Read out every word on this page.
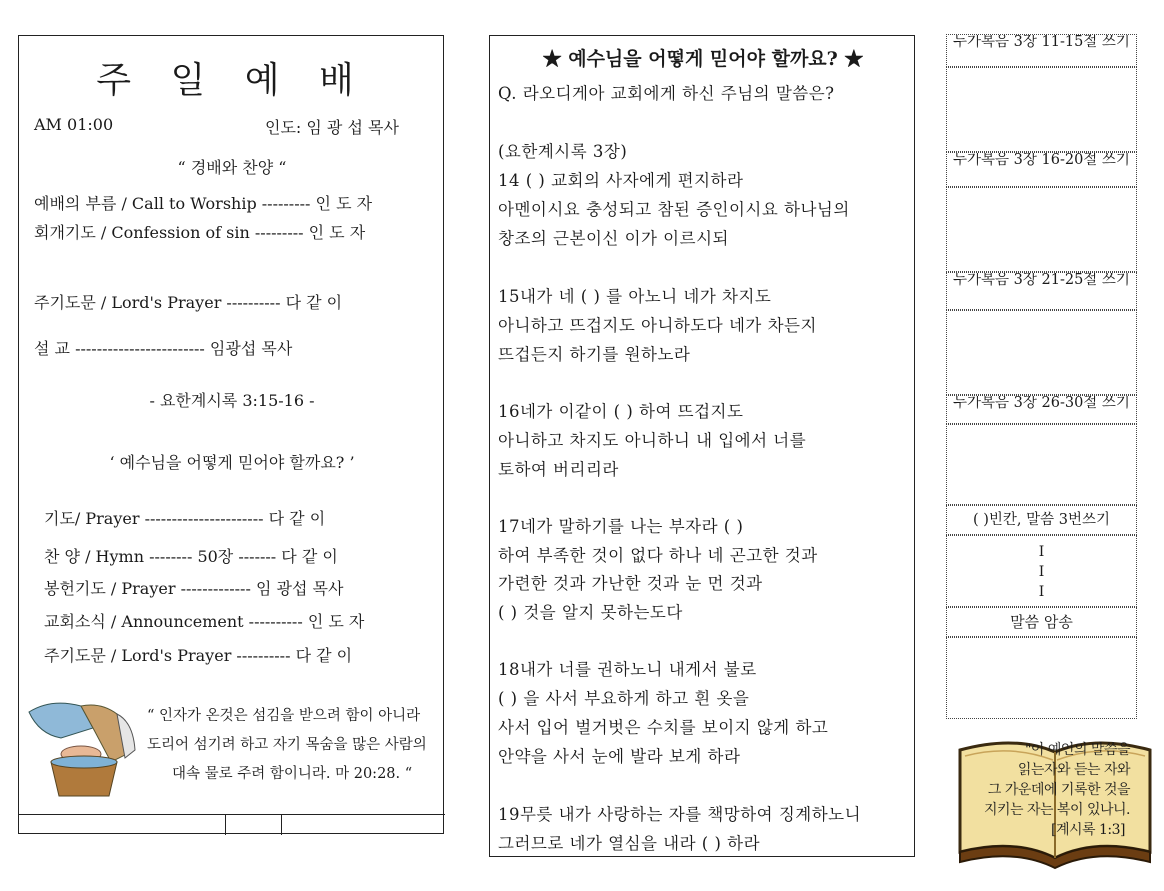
주 일 예 배
AM 01:00	인도: 임 광 섭 목사
“ 경배와 찬양 “
예배의 부름 / Call to Worship --------- 인 도 자
회개기도 / Confession of sin --------- 인 도 자
주기도문 / Lord's Prayer ---------- 다 같 이
설 교 ------------------------ 임광섭 목사
- 요한계시록 3:15-16 -
‘ 예수님을 어떻게 믿어야 할까요? ’
기도/ Prayer ---------------------- 다 같 이
찬 양 / Hymn -------- 50장 ------- 다 같 이
봉헌기도 / Prayer ------------- 임 광섭 목사
교회소식 / Announcement ---------- 인 도 자
주기도문 / Lord's Prayer ---------- 다 같 이
“ 인자가 온것은 섬김을 받으려 함이 아니라
도리어 섬기려 하고 자기 목숨을 많은 사람의
대속 물로 주려 함이니라. 마 20:28. “
★ 예수님을 어떻게 믿어야 할까요? ★
Q. 라오디게아 교회에게 하신 주님의 말씀은?
(요한계시록 3장)
14 ( ) 교회의 사자에게 편지하라
아멘이시요 충성되고 참된 증인이시요 하나님의
창조의 근본이신 이가 이르시되
15내가 네 ( ) 를 아노니 네가 차지도
아니하고 뜨겁지도 아니하도다 네가 차든지
뜨겁든지 하기를 원하노라
16네가 이같이 ( ) 하여 뜨겁지도
아니하고 차지도 아니하니 내 입에서 너를
토하여 버리리라
17네가 말하기를 나는 부자라 ( )
하여 부족한 것이 없다 하나 네 곤고한 것과
가련한 것과 가난한 것과 눈 먼 것과
( ) 것을 알지 못하는도다
18내가 너를 권하노니 내게서 불로
( ) 을 사서 부요하게 하고 흰 옷을
사서 입어 벌거벗은 수치를 보이지 않게 하고
안약을 사서 눈에 발라 보게 하라
19무릇 내가 사랑하는 자를 책망하여 징계하노니
그러므로 네가 열심을 내라 ( ) 하라
누가복음 3장 11-15절 쓰기
누가복음 3장 16-20절 쓰기
누가복음 3장 21-25절 쓰기
누가복음 3장 26-30절 쓰기
( )빈칸, 말씀 3번쓰기
I
I
I
말씀 암송
"이 예언의 말씀을
읽는자와 듣는 자와
그 가운데에 기록한 것을
지키는 자는 복이 있나니.
[계시록 1:3]
